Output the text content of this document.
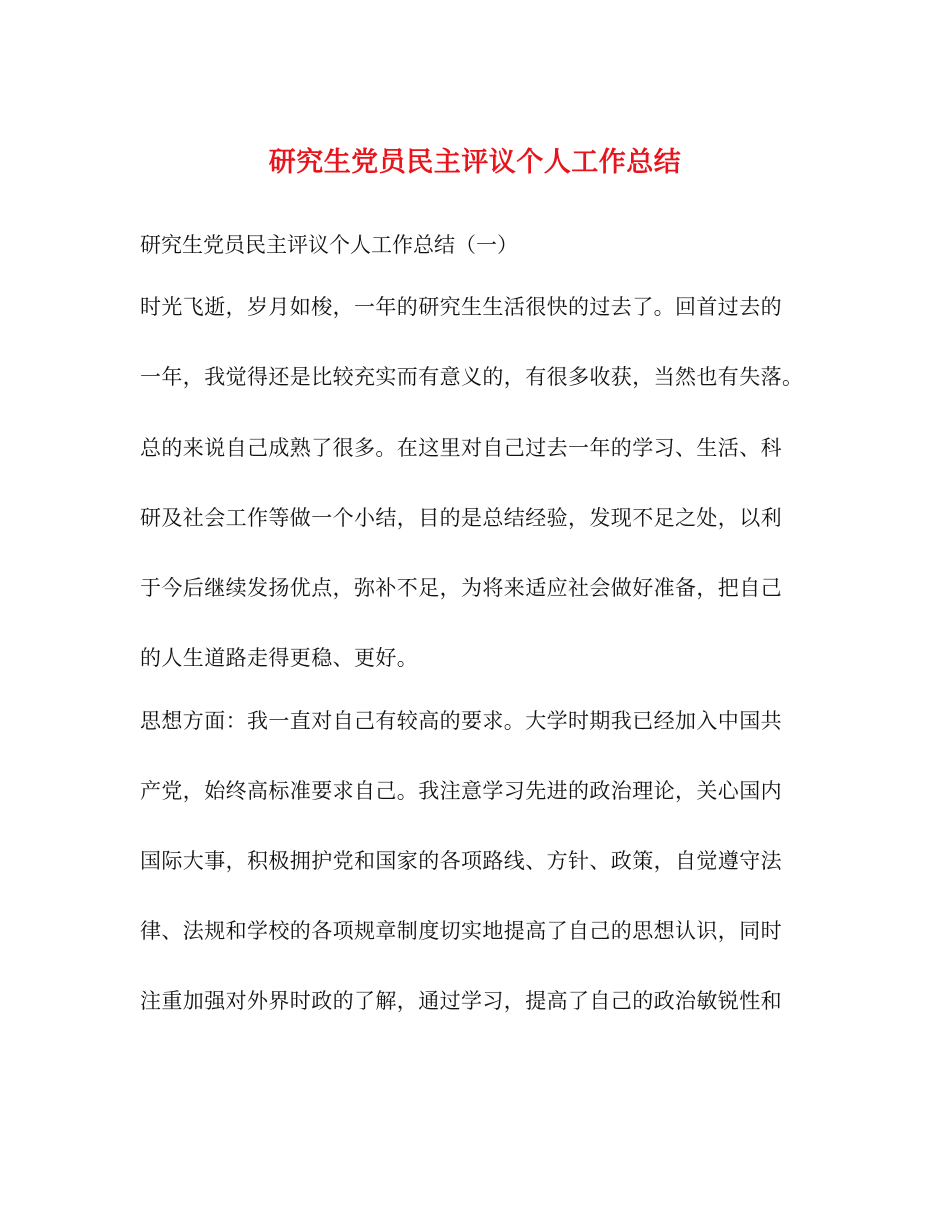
研究生党员民主评议个人工作总结
研究生党员民主评议个人工作总结（一）
时光飞逝，岁月如梭，一年的研究生生活很快的过去了。回首过去的
一年，我觉得还是比较充实而有意义的，有很多收获，当然也有失落。
总的来说自己成熟了很多。在这里对自己过去一年的学习、生活、科
研及社会工作等做一个小结，目的是总结经验，发现不足之处，以利
于今后继续发扬优点，弥补不足，为将来适应社会做好准备，把自己
的人生道路走得更稳、更好。
思想方面：我一直对自己有较高的要求。大学时期我已经加入中国共
产党，始终高标准要求自己。我注意学习先进的政治理论，关心国内
国际大事，积极拥护党和国家的各项路线、方针、政策，自觉遵守法
律、法规和学校的各项规章制度切实地提高了自己的思想认识，同时
注重加强对外界时政的了解，通过学习，提高了自己的政治敏锐性和
